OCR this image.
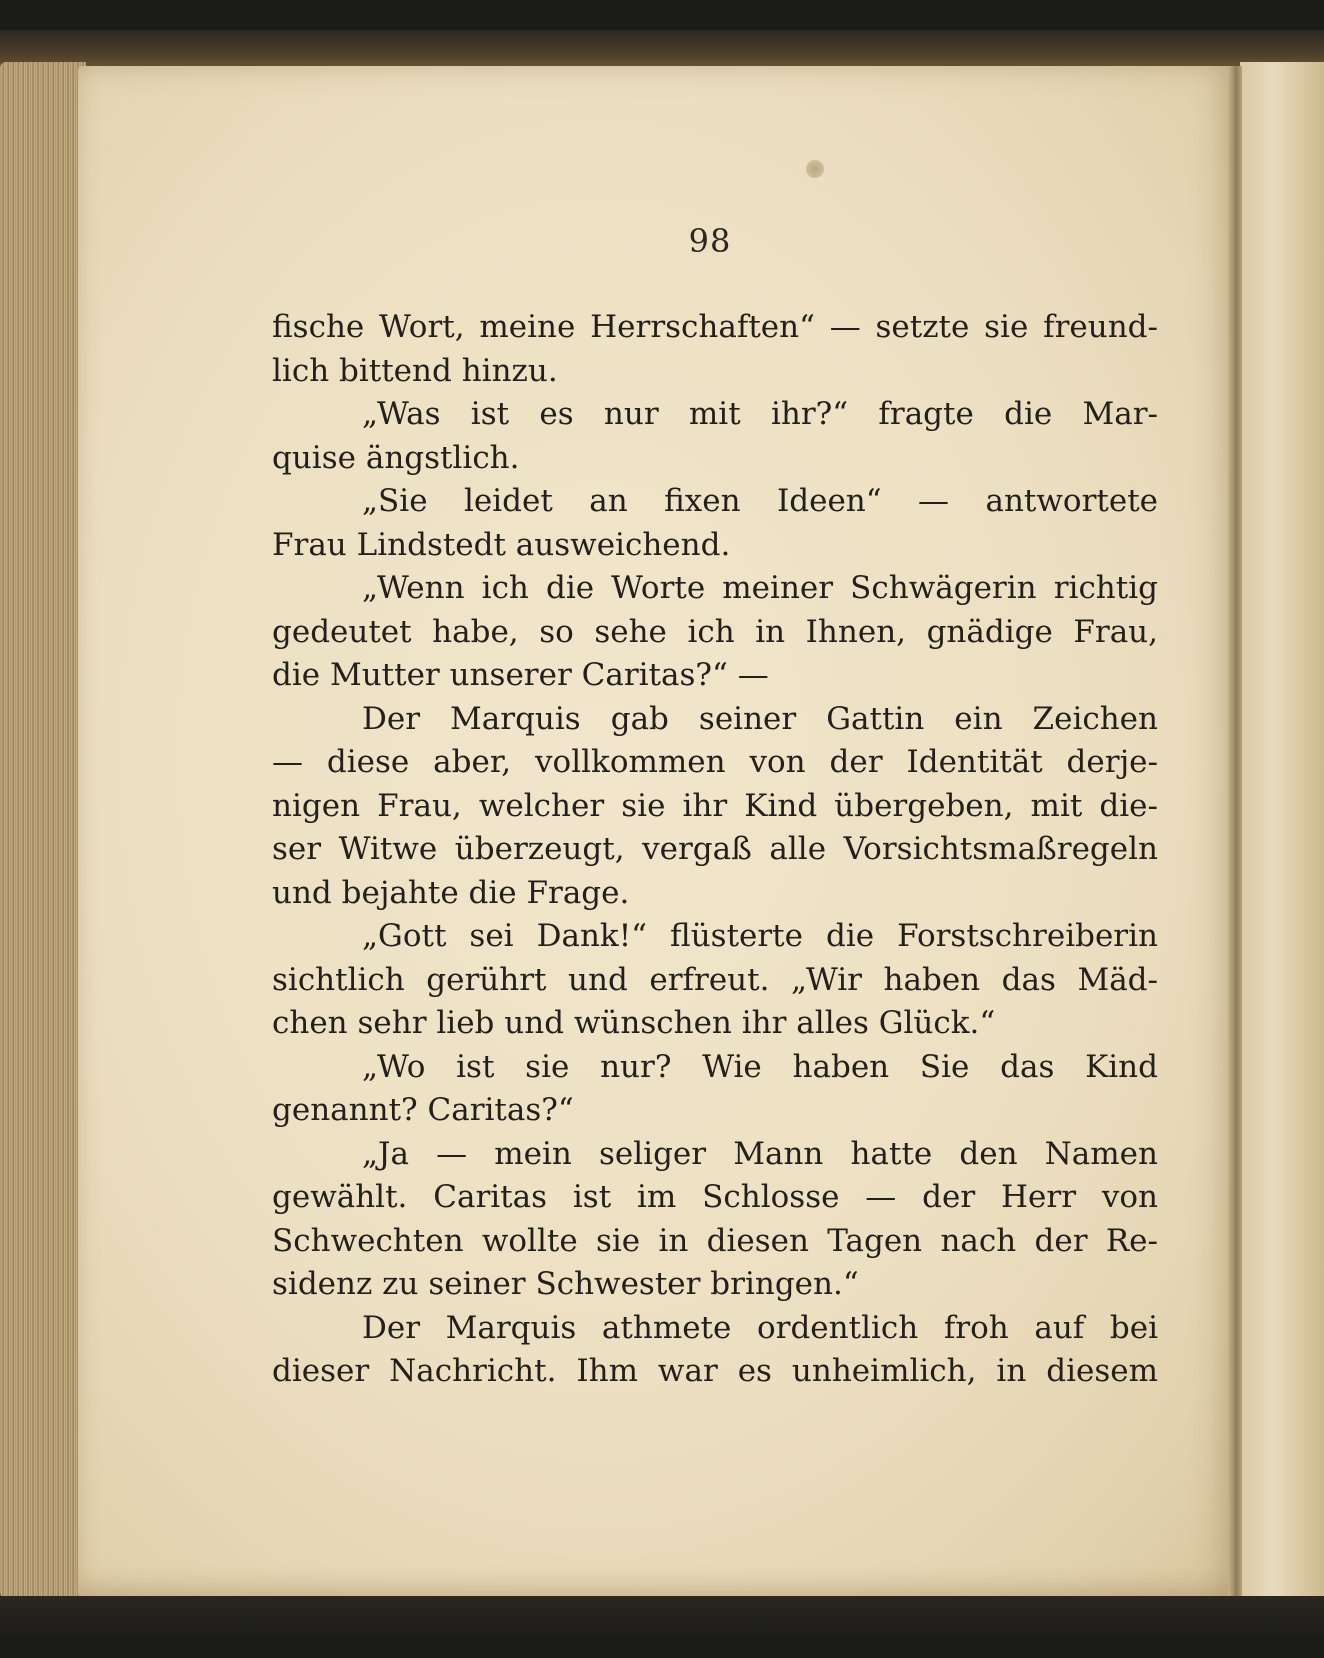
98
fische Wort, meine Herrschaften“ — setzte sie freund-
lich bittend hinzu.
„Was ist es nur mit ihr?“ fragte die Mar-
quise ängstlich.
„Sie leidet an fixen Ideen“ — antwortete
Frau Lindstedt ausweichend.
„Wenn ich die Worte meiner Schwägerin richtig
gedeutet habe, so sehe ich in Ihnen, gnädige Frau,
die Mutter unserer Caritas?“ —
Der Marquis gab seiner Gattin ein Zeichen
— diese aber, vollkommen von der Identität derje-
nigen Frau, welcher sie ihr Kind übergeben, mit die-
ser Witwe überzeugt, vergaß alle Vorsichtsmaßregeln
und bejahte die Frage.
„Gott sei Dank!“ flüsterte die Forstschreiberin
sichtlich gerührt und erfreut. „Wir haben das Mäd-
chen sehr lieb und wünschen ihr alles Glück.“
„Wo ist sie nur? Wie haben Sie das Kind
genannt? Caritas?“
„Ja — mein seliger Mann hatte den Namen
gewählt. Caritas ist im Schlosse — der Herr von
Schwechten wollte sie in diesen Tagen nach der Re-
sidenz zu seiner Schwester bringen.“
Der Marquis athmete ordentlich froh auf bei
dieser Nachricht. Ihm war es unheimlich, in diesem
